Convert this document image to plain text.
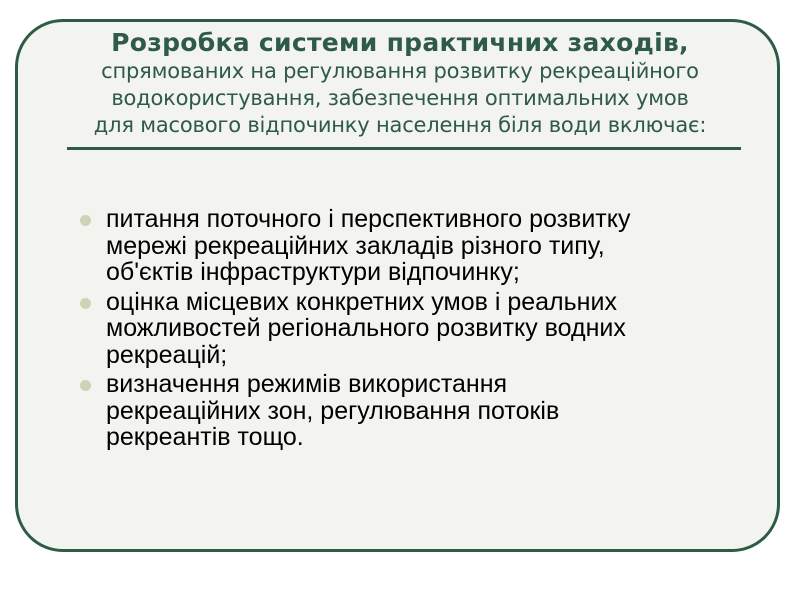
Розробка системи практичних заходів,

спрямованих на регулювання розвитку рекреаційного

водокористування, забезпечення оптимальних умов

для масового відпочинку населення біля води включає:

питання поточного і перспективного розвитку мережі рекреаційних закладів різного типу, об'єктів інфраструктури відпочинку;
оцінка місцевих конкретних умов і реальних можливостей регіонального розвитку водних рекреацій;
визначення режимів використання рекреаційних зон, регулювання потоків рекреантів тощо.
